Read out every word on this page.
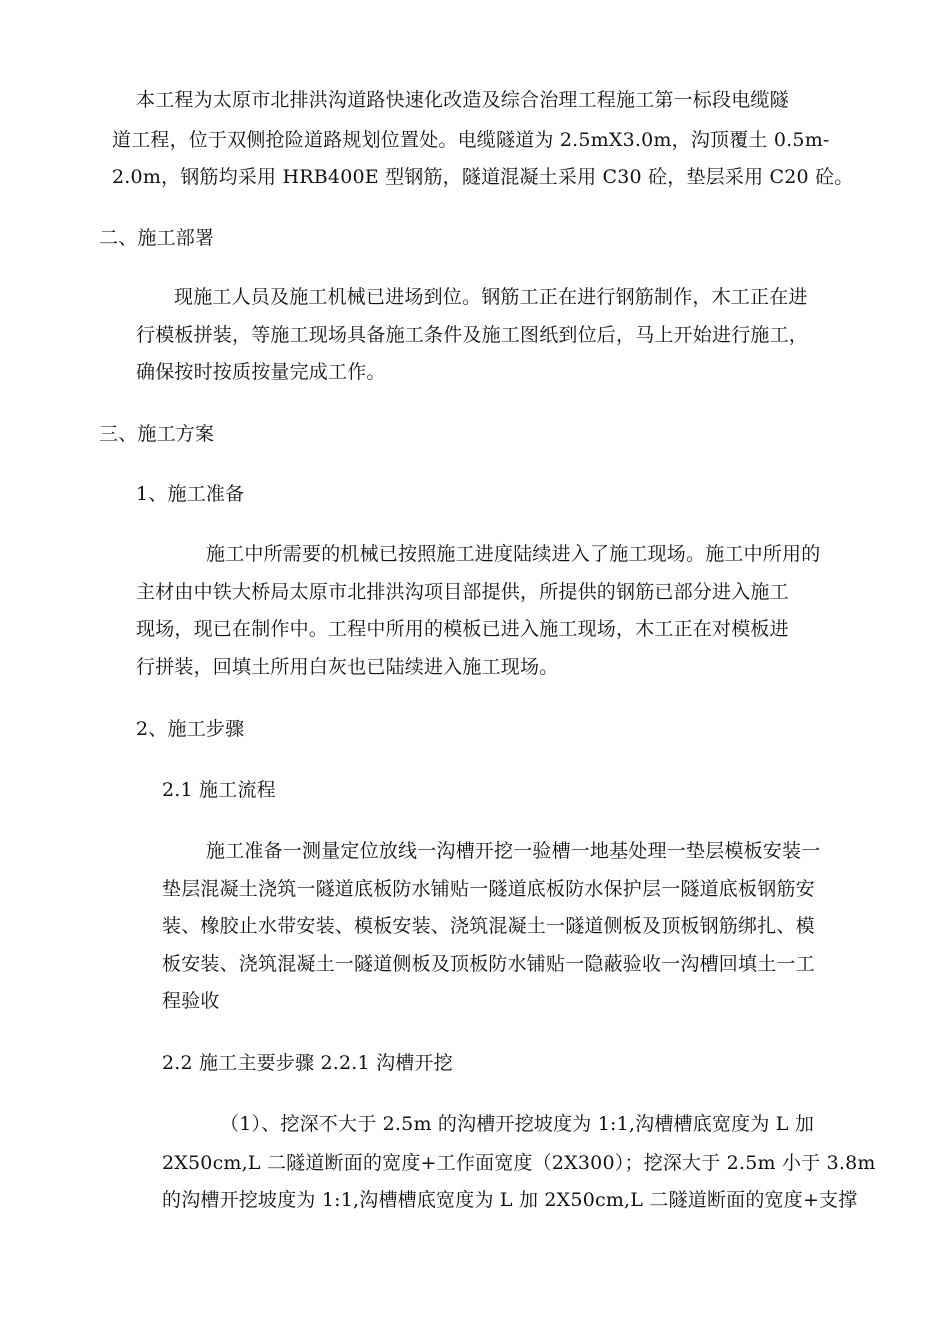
本工程为太原市北排洪沟道路快速化改造及综合治理工程施工第一标段电缆隧
道工程，位于双侧抢险道路规划位置处。电缆隧道为 2.5mX3.0m，沟顶覆土 0.5m-
2.0m，钢筋均采用 HRB400E 型钢筋，隧道混凝土采用 C30 砼，垫层采用 C20 砼。
二、施工部署
现施工人员及施工机械已进场到位。钢筋工正在进行钢筋制作，木工正在进
行模板拼装，等施工现场具备施工条件及施工图纸到位后，马上开始进行施工，
确保按时按质按量完成工作。
三、施工方案
1、施工准备
施工中所需要的机械已按照施工进度陆续进入了施工现场。施工中所用的
主材由中铁大桥局太原市北排洪沟项目部提供，所提供的钢筋已部分进入施工
现场，现已在制作中。工程中所用的模板已进入施工现场，木工正在对模板进
行拼装，回填土所用白灰也已陆续进入施工现场。
2、施工步骤
2.1 施工流程
施工准备一测量定位放线一沟槽开挖一验槽一地基处理一垫层模板安装一
垫层混凝土浇筑一隧道底板防水铺贴一隧道底板防水保护层一隧道底板钢筋安
装、橡胶止水带安装、模板安装、浇筑混凝土一隧道侧板及顶板钢筋绑扎、模
板安装、浇筑混凝土一隧道侧板及顶板防水铺贴一隐蔽验收一沟槽回填土一工
程验收
2.2 施工主要步骤 2.2.1 沟槽开挖
（1）、挖深不大于 2.5m 的沟槽开挖坡度为 1:1,沟槽槽底宽度为 L 加
2X50cm,L 二隧道断面的宽度+工作面宽度（2X300）；挖深大于 2.5m 小于 3.8m
的沟槽开挖坡度为 1:1,沟槽槽底宽度为 L 加 2X50cm,L 二隧道断面的宽度+支撑
